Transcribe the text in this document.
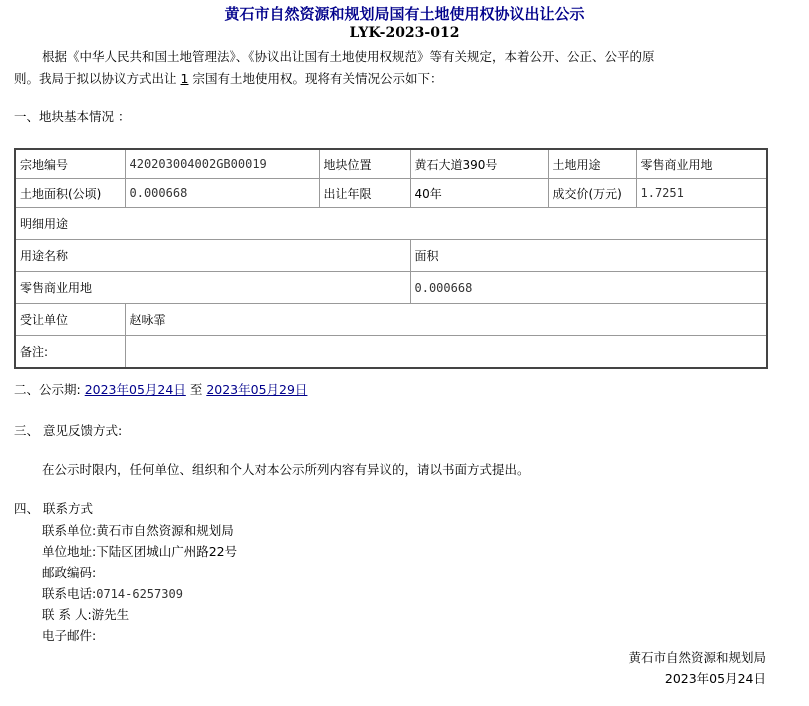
黄石市自然资源和规划局国有土地使用权协议出让公示
LYK-2023-012
根据《中华人民共和国土地管理法》、《协议出让国有土地使用权规范》等有关规定，本着公开、公正、公平的原
则。我局于拟以协议方式出让 1 宗国有土地使用权。现将有关情况公示如下：
一、地块基本情况 ：
宗地编号	420203004002GB00019	地块位置	黄石大道390号	土地用途	零售商业用地
土地面积(公顷)	0.000668	出让年限	40年	成交价(万元)	1.7251
明细用途					
用途名称			面积		
零售商业用地			0.000668		
受让单位	赵咏霏				
备注:					
二、公示期: 2023年05月24日 至 2023年05月29日
三、 意见反馈方式:
在公示时限内，任何单位、组织和个人对本公示所列内容有异议的，请以书面方式提出。
四、 联系方式
联系单位:黄石市自然资源和规划局
单位地址:下陆区团城山广州路22号
邮政编码:
联系电话:0714-6257309
联 系 人:游先生
电子邮件:
黄石市自然资源和规划局
2023年05月24日
